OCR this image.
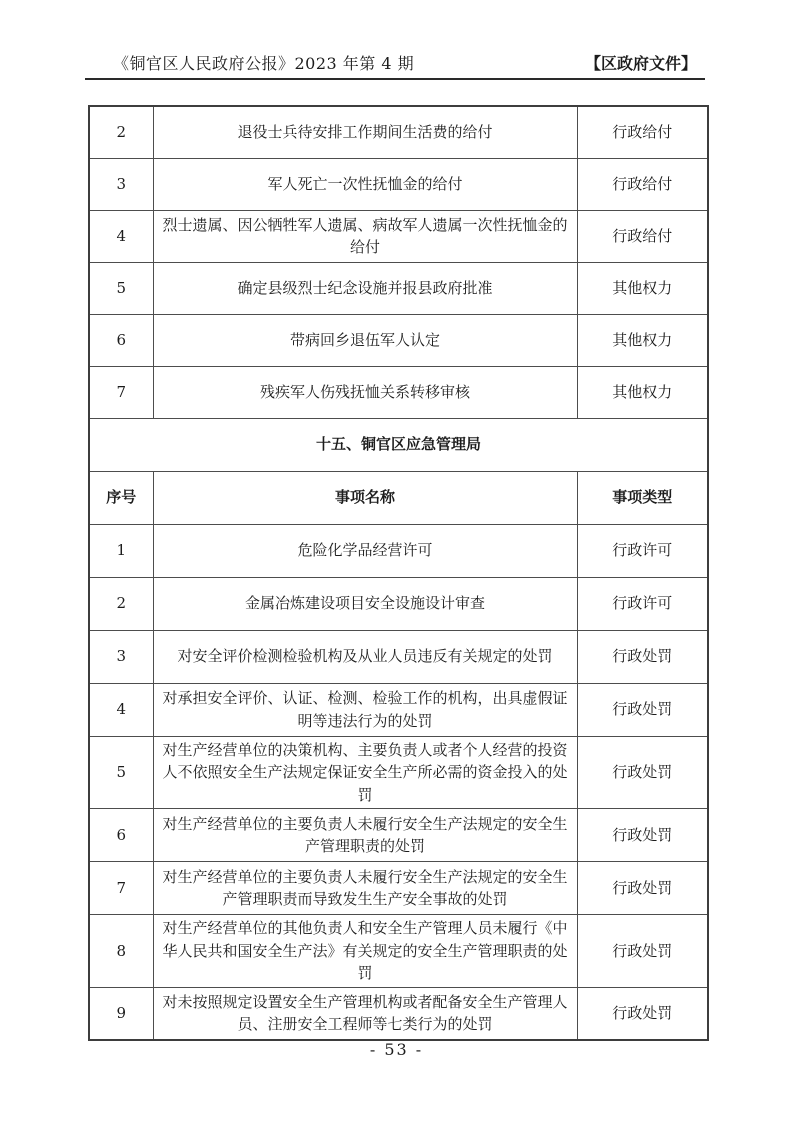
《铜官区人民政府公报》2023 年第 4 期	【区政府文件】
2	退役士兵待安排工作期间生活费的给付	行政给付
3	军人死亡一次性抚恤金的给付	行政给付
4	烈士遗属、因公牺牲军人遗属、病故军人遗属一次性抚恤金的给付	行政给付
5	确定县级烈士纪念设施并报县政府批准	其他权力
6	带病回乡退伍军人认定	其他权力
7	残疾军人伤残抚恤关系转移审核	其他权力
十五、铜官区应急管理局		
序号	事项名称	事项类型
1	危险化学品经营许可	行政许可
2	金属冶炼建设项目安全设施设计审查	行政许可
3	对安全评价检测检验机构及从业人员违反有关规定的处罚	行政处罚
4	对承担安全评价、认证、检测、检验工作的机构，出具虚假证明等违法行为的处罚	行政处罚
5	对生产经营单位的决策机构、主要负责人或者个人经营的投资人不依照安全生产法规定保证安全生产所必需的资金投入的处罚	行政处罚
6	对生产经营单位的主要负责人未履行安全生产法规定的安全生产管理职责的处罚	行政处罚
7	对生产经营单位的主要负责人未履行安全生产法规定的安全生产管理职责而导致发生生产安全事故的处罚	行政处罚
8	对生产经营单位的其他负责人和安全生产管理人员未履行《中华人民共和国安全生产法》有关规定的安全生产管理职责的处罚	行政处罚
9	对未按照规定设置安全生产管理机构或者配备安全生产管理人员、注册安全工程师等七类行为的处罚	行政处罚
- 53 -
